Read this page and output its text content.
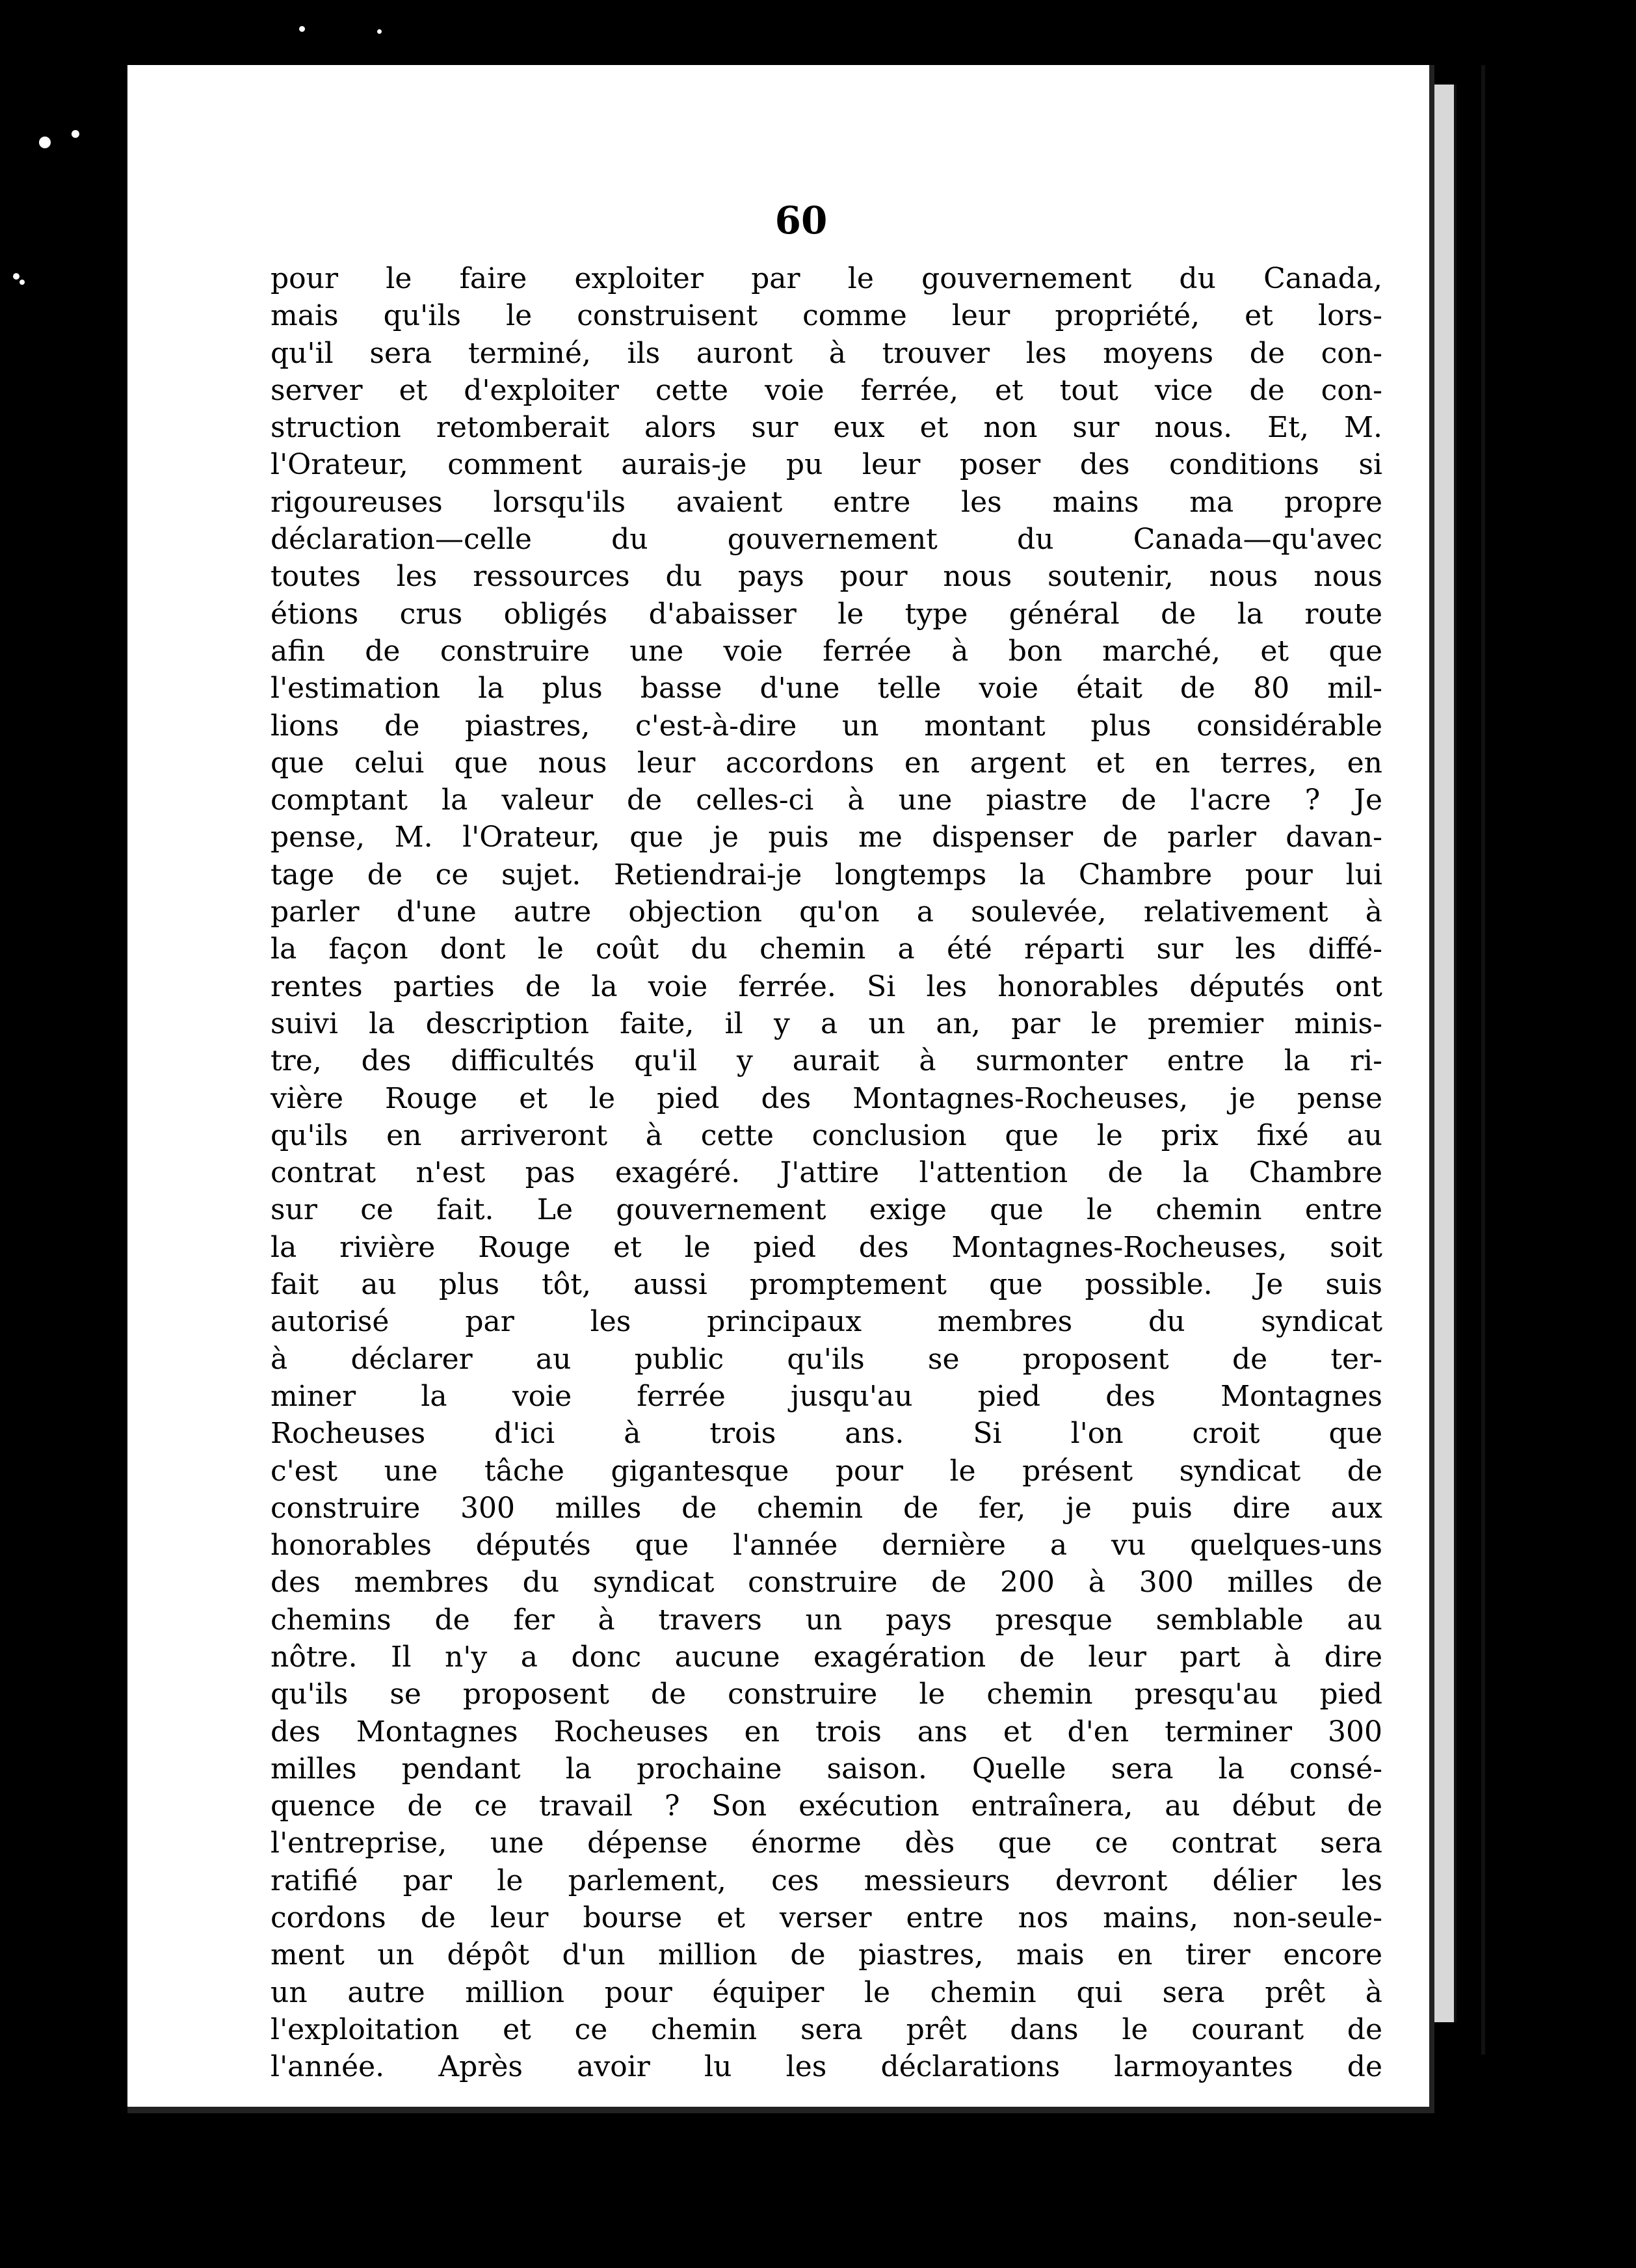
60
pour le faire exploiter par le gouvernement du Canada,
mais qu'ils le construisent comme leur propriété, et lors-
qu'il sera terminé, ils auront à trouver les moyens de con-
server et d'exploiter cette voie ferrée, et tout vice de con-
struction retomberait alors sur eux et non sur nous. Et, M.
l'Orateur, comment aurais-je pu leur poser des conditions si
rigoureuses lorsqu'ils avaient entre les mains ma propre
déclaration—celle du gouvernement du Canada—qu'avec
toutes les ressources du pays pour nous soutenir, nous nous
étions crus obligés d'abaisser le type général de la route
afin de construire une voie ferrée à bon marché, et que
l'estimation la plus basse d'une telle voie était de 80 mil-
lions de piastres, c'est-à-dire un montant plus considérable
que celui que nous leur accordons en argent et en terres, en
comptant la valeur de celles-ci à une piastre de l'acre ? Je
pense, M. l'Orateur, que je puis me dispenser de parler davan-
tage de ce sujet. Retiendrai-je longtemps la Chambre pour lui
parler d'une autre objection qu'on a soulevée, relativement à
la façon dont le coût du chemin a été réparti sur les diffé-
rentes parties de la voie ferrée. Si les honorables députés ont
suivi la description faite, il y a un an, par le premier minis-
tre, des difficultés qu'il y aurait à surmonter entre la ri-
vière Rouge et le pied des Montagnes-Rocheuses, je pense
qu'ils en arriveront à cette conclusion que le prix fixé au
contrat n'est pas exagéré. J'attire l'attention de la Chambre
sur ce fait. Le gouvernement exige que le chemin entre
la rivière Rouge et le pied des Montagnes-Rocheuses, soit
fait au plus tôt, aussi promptement que possible. Je suis
autorisé par les principaux membres du syndicat
à déclarer au public qu'ils se proposent de ter-
miner la voie ferrée jusqu'au pied des Montagnes
Rocheuses d'ici à trois ans. Si l'on croit que
c'est une tâche gigantesque pour le présent syndicat de
construire 300 milles de chemin de fer, je puis dire aux
honorables députés que l'année dernière a vu quelques-uns
des membres du syndicat construire de 200 à 300 milles de
chemins de fer à travers un pays presque semblable au
nôtre. Il n'y a donc aucune exagération de leur part à dire
qu'ils se proposent de construire le chemin presqu'au pied
des Montagnes Rocheuses en trois ans et d'en terminer 300
milles pendant la prochaine saison. Quelle sera la consé-
quence de ce travail ? Son exécution entraînera, au début de
l'entreprise, une dépense énorme dès que ce contrat sera
ratifié par le parlement, ces messieurs devront délier les
cordons de leur bourse et verser entre nos mains, non-seule-
ment un dépôt d'un million de piastres, mais en tirer encore
un autre million pour équiper le chemin qui sera prêt à
l'exploitation et ce chemin sera prêt dans le courant de
l'année. Après avoir lu les déclarations larmoyantes de
